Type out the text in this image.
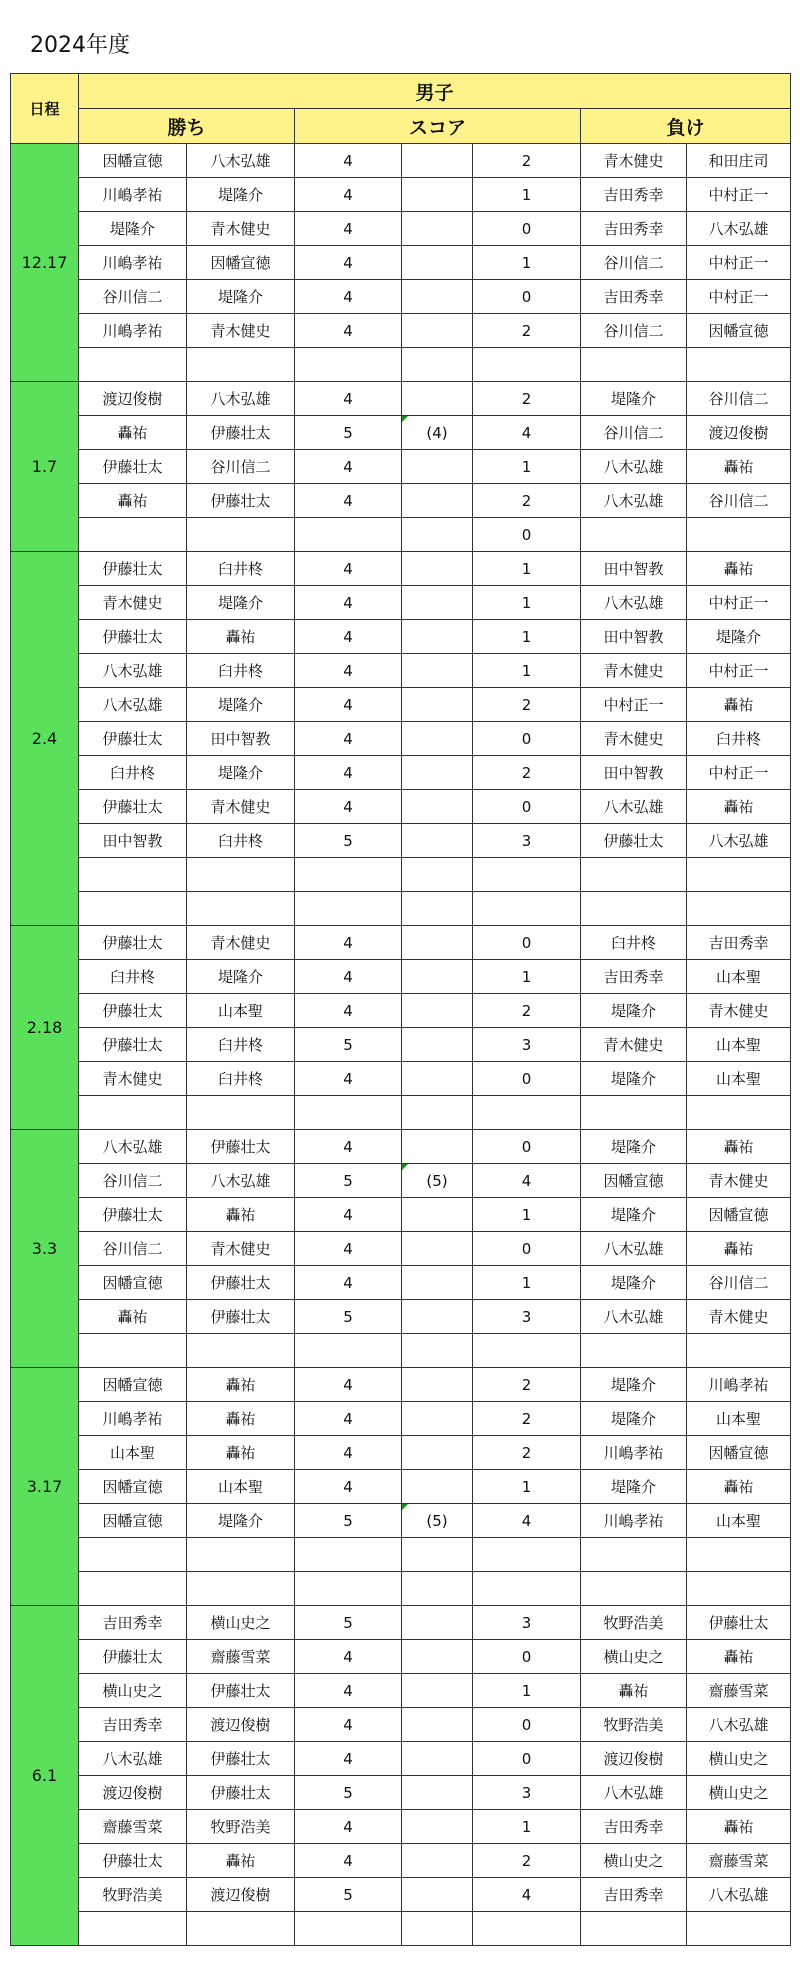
2024年度
日程	男子						
	勝ち		スコア			負け	
12.17	因幡宣徳	八木弘雄	4		2	青木健史	和田庄司
	川嶋孝祐	堤隆介	4		1	吉田秀幸	中村正一
	堤隆介	青木健史	4		0	吉田秀幸	八木弘雄
	川嶋孝祐	因幡宣徳	4		1	谷川信二	中村正一
	谷川信二	堤隆介	4		0	吉田秀幸	中村正一
	川嶋孝祐	青木健史	4		2	谷川信二	因幡宣徳

1.7	渡辺俊樹	八木弘雄	4		2	堤隆介	谷川信二
	轟祐	伊藤壮太	5	(4)	4	谷川信二	渡辺俊樹
	伊藤壮太	谷川信二	4		1	八木弘雄	轟祐
	轟祐	伊藤壮太	4		2	八木弘雄	谷川信二
					0		
2.4	伊藤壮太	臼井柊	4		1	田中智教	轟祐
	青木健史	堤隆介	4		1	八木弘雄	中村正一
	伊藤壮太	轟祐	4		1	田中智教	堤隆介
	八木弘雄	臼井柊	4		1	青木健史	中村正一
	八木弘雄	堤隆介	4		2	中村正一	轟祐
	伊藤壮太	田中智教	4		0	青木健史	臼井柊
	臼井柊	堤隆介	4		2	田中智教	中村正一
	伊藤壮太	青木健史	4		0	八木弘雄	轟祐
	田中智教	臼井柊	5		3	伊藤壮太	八木弘雄

2.18	伊藤壮太	青木健史	4		0	臼井柊	吉田秀幸
	臼井柊	堤隆介	4		1	吉田秀幸	山本聖
	伊藤壮太	山本聖	4		2	堤隆介	青木健史
	伊藤壮太	臼井柊	5		3	青木健史	山本聖
	青木健史	臼井柊	4		0	堤隆介	山本聖

3.3	八木弘雄	伊藤壮太	4		0	堤隆介	轟祐
	谷川信二	八木弘雄	5	(5)	4	因幡宣徳	青木健史
	伊藤壮太	轟祐	4		1	堤隆介	因幡宣徳
	谷川信二	青木健史	4		0	八木弘雄	轟祐
	因幡宣徳	伊藤壮太	4		1	堤隆介	谷川信二
	轟祐	伊藤壮太	5		3	八木弘雄	青木健史

3.17	因幡宣徳	轟祐	4		2	堤隆介	川嶋孝祐
	川嶋孝祐	轟祐	4		2	堤隆介	山本聖
	山本聖	轟祐	4		2	川嶋孝祐	因幡宣徳
	因幡宣徳	山本聖	4		1	堤隆介	轟祐
	因幡宣徳	堤隆介	5	(5)	4	川嶋孝祐	山本聖

6.1	吉田秀幸	横山史之	5		3	牧野浩美	伊藤壮太
	伊藤壮太	齋藤雪菜	4		0	横山史之	轟祐
	横山史之	伊藤壮太	4		1	轟祐	齋藤雪菜
	吉田秀幸	渡辺俊樹	4		0	牧野浩美	八木弘雄
	八木弘雄	伊藤壮太	4		0	渡辺俊樹	横山史之
	渡辺俊樹	伊藤壮太	5		3	八木弘雄	横山史之
	齋藤雪菜	牧野浩美	4		1	吉田秀幸	轟祐
	伊藤壮太	轟祐	4		2	横山史之	齋藤雪菜
	牧野浩美	渡辺俊樹	5		4	吉田秀幸	八木弘雄
